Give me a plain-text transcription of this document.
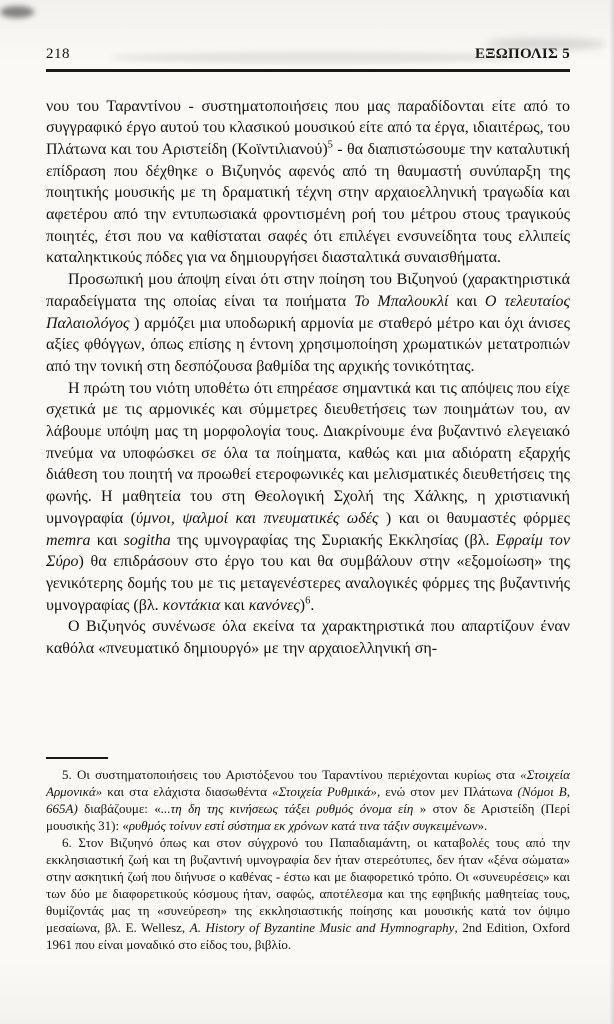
218	ΕΞΩΠΟΛΙΣ 5

νου του Ταραντίνου - συστηματοποιήσεις που μας παραδίδονται είτε από το συγγραφικό έργο αυτού του κλασικού μουσικού είτε από τα έργα, ιδιαιτέρως, του Πλάτωνα και του Αριστείδη $(Koϊ\nu\tau\iota\lambda\iota\alpha\nu oύ)^5$ - θα διαπιστώσουμε την καταλυτική επίδραση που δέχθηκε ο Βιζυηνός αφενός από τη θαυμαστή συνύπαρξη της ποιητικής μουσικής με τη δραματική τέχνη στην αρχαιοελληνική τραγωδία και αφετέρου από την εντυπωσιακά φροντισμένη ροή του μέτρου στους τραγικούς ποιητές, έτσι που να καθίσταται σαφές ότι επιλέγει ενσυνείδητα τους ελλιπείς καταληκτικούς πόδες για να δημιουργήσει διασταλτικά συναισθήματα.

Προσωπική μου άποψη είναι ότι στην ποίηση του Βιζυηνού (χαρακτηριστικά παραδείγματα της οποίας είναι τα ποιήματα Το Μπαλουκλί και Ο τελευταίος Παλαιολόγος ) αρμόζει μια υποδωρική αρμονία με σταθερό μέτρο και όχι άνισες αξίες φθόγγων, όπως επίσης η έντονη χρησιμοποίηση χρωματικών μετατροπιών από την τονική στη δεσπόζουσα βαθμίδα της αρχικής τονικότητας.

Η πρώτη του νιότη υποθέτω ότι επηρέασε σημαντικά και τις απόψεις που είχε σχετικά με τις αρμονικές και σύμμετρες διευθετήσεις των ποιημάτων του, αν λάβουμε υπόψη μας τη μορφολογία τους. Διακρίνουμε ένα βυζαντινό ελεγειακό πνεύμα να υποφώσκει σε όλα τα ποίηματα, καθώς και μια αδιόρατη εξαρχής διάθεση του ποιητή να προωθεί ετεροφωνικές και μελισματικές διευθετήσεις της φωνής. Η μαθητεία του στη Θεολογική Σχολή της Χάλκης, η χριστιανική υμνογραφία (ύμνοι, ψαλμοί και πνευματικές ωδές ) και οι θαυμαστές φόρμες memra και sogitha της υμνογραφίας της Συριακής Εκκλησίας (βλ. Εφραίμ τον Σύρο) θα επιδράσουν στο έργο του και θα συμβάλουν στην «εξομοίωση» της γενικότερης δομής του με τις μεταγενέστερες αναλογικές φόρμες της βυζαντινής υμνογραφίας (βλ. κοντάκια και κανόνες)$^6$.

Ο Βιζυηνός συνένωσε όλα εκείνα τα χαρακτηριστικά που απαρτίζουν έναν καθόλα «πνευματικό δημιουργό» με την αρχαιοελληνική ση-

5. Οι συστηματοποιήσεις του Αριστόξενου του Ταραντίνου περιέχονται κυρίως στα «Στοιχεία Αρμονικά» και στα ελάχιστα διασωθέντα «Στοιχεία Ρυθμικά», ενώ στον μεν Πλάτωνα (Νόμοι Β, 665Α) διαβάζουμε: «...τη δη της κινήσεως τάξει ρυθμός όνομα είη » στον δε Αριστείδη (Περί μουσικής 31): «ρυθμός τοίνυν εστί σύστημα εκ χρόνων κατά τινα τάξιν συγκειμένων».

6. Στον Βιζυηνό όπως και στον σύγχρονό του Παπαδιαμάντη, οι καταβολές τους από την εκκλησιαστική ζωή και τη βυζαντινή υμνογραφία δεν ήταν στερεότυπες, δεν ήταν «ξένα σώματα» στην ασκητική ζωή που διήνυσε ο καθένας - έστω και με διαφορετικό τρόπο. Οι «συνευρέσεις» και των δύο με διαφορετικούς κόσμους ήταν, σαφώς, αποτέλεσμα και της εφηβικής μαθητείας τους, θυμίζοντάς μας τη «συνεύρεση» της εκκλησιαστικής ποίησης και μουσικής κατά τον όψιμο μεσαίωνα, βλ. E. Wellesz, A. History of Byzantine Music and Hymnography, 2nd Edition, Oxford 1961 που είναι μοναδικό στο είδος του, βιβλίο.
